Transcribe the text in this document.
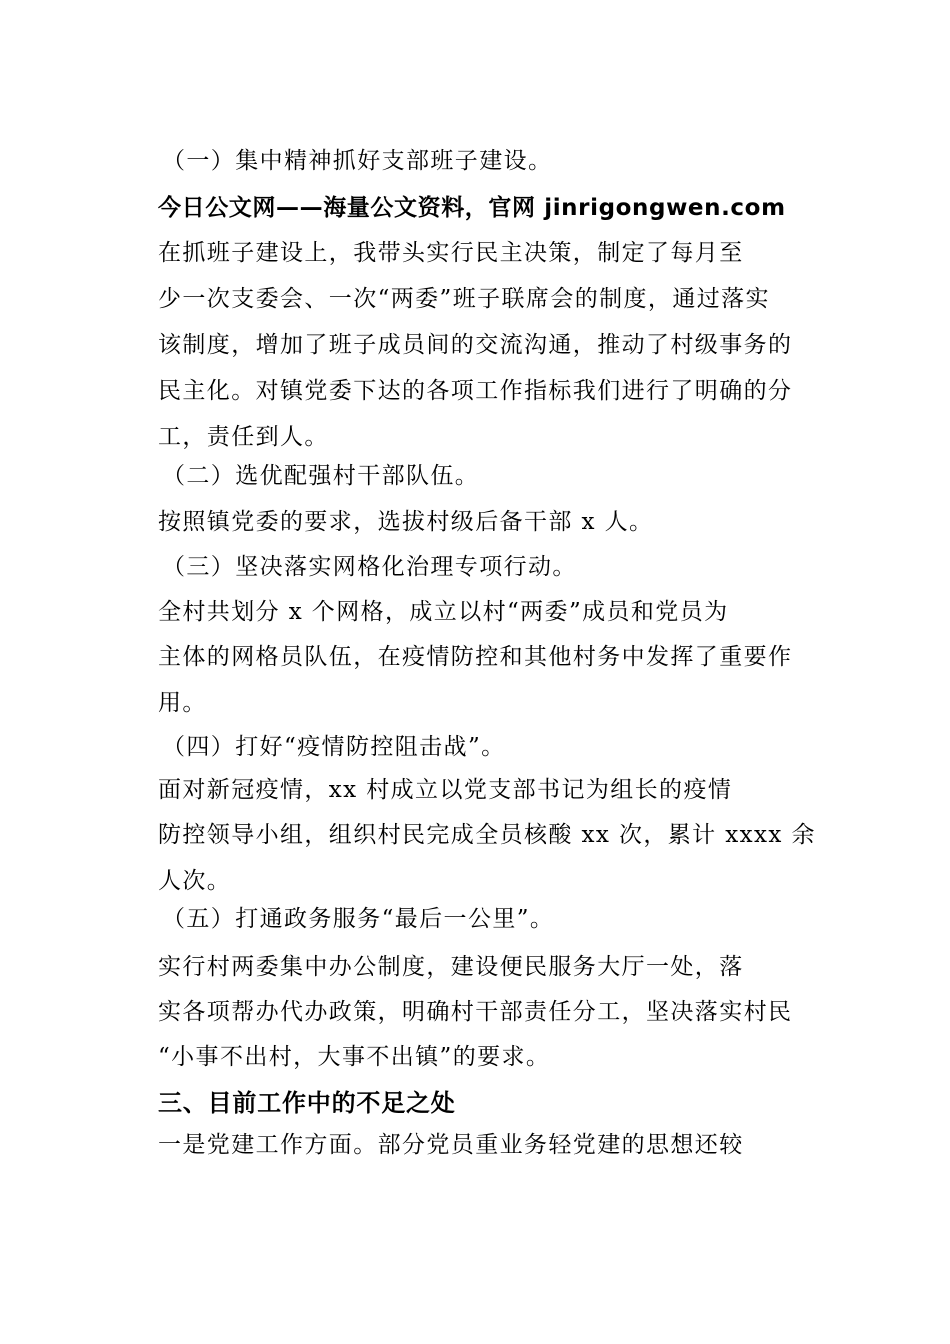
（一）集中精神抓好支部班子建设。
今日公文网——海量公文资料，官网 jinrigongwen.com
在抓班子建设上，我带头实行民主决策，制定了每月至
少一次支委会、一次“两委”班子联席会的制度，通过落实
该制度，增加了班子成员间的交流沟通，推动了村级事务的
民主化。对镇党委下达的各项工作指标我们进行了明确的分
工，责任到人。
（二）选优配强村干部队伍。
按照镇党委的要求，选拔村级后备干部 x 人。
（三）坚决落实网格化治理专项行动。
全村共划分 x 个网格，成立以村“两委”成员和党员为
主体的网格员队伍，在疫情防控和其他村务中发挥了重要作
用。
（四）打好“疫情防控阻击战”。
面对新冠疫情，xx 村成立以党支部书记为组长的疫情
防控领导小组，组织村民完成全员核酸 xx 次，累计 xxxx 余
人次。
（五）打通政务服务“最后一公里”。
实行村两委集中办公制度，建设便民服务大厅一处，落
实各项帮办代办政策，明确村干部责任分工，坚决落实村民
“小事不出村，大事不出镇”的要求。
三、目前工作中的不足之处
一是党建工作方面。部分党员重业务轻党建的思想还较
